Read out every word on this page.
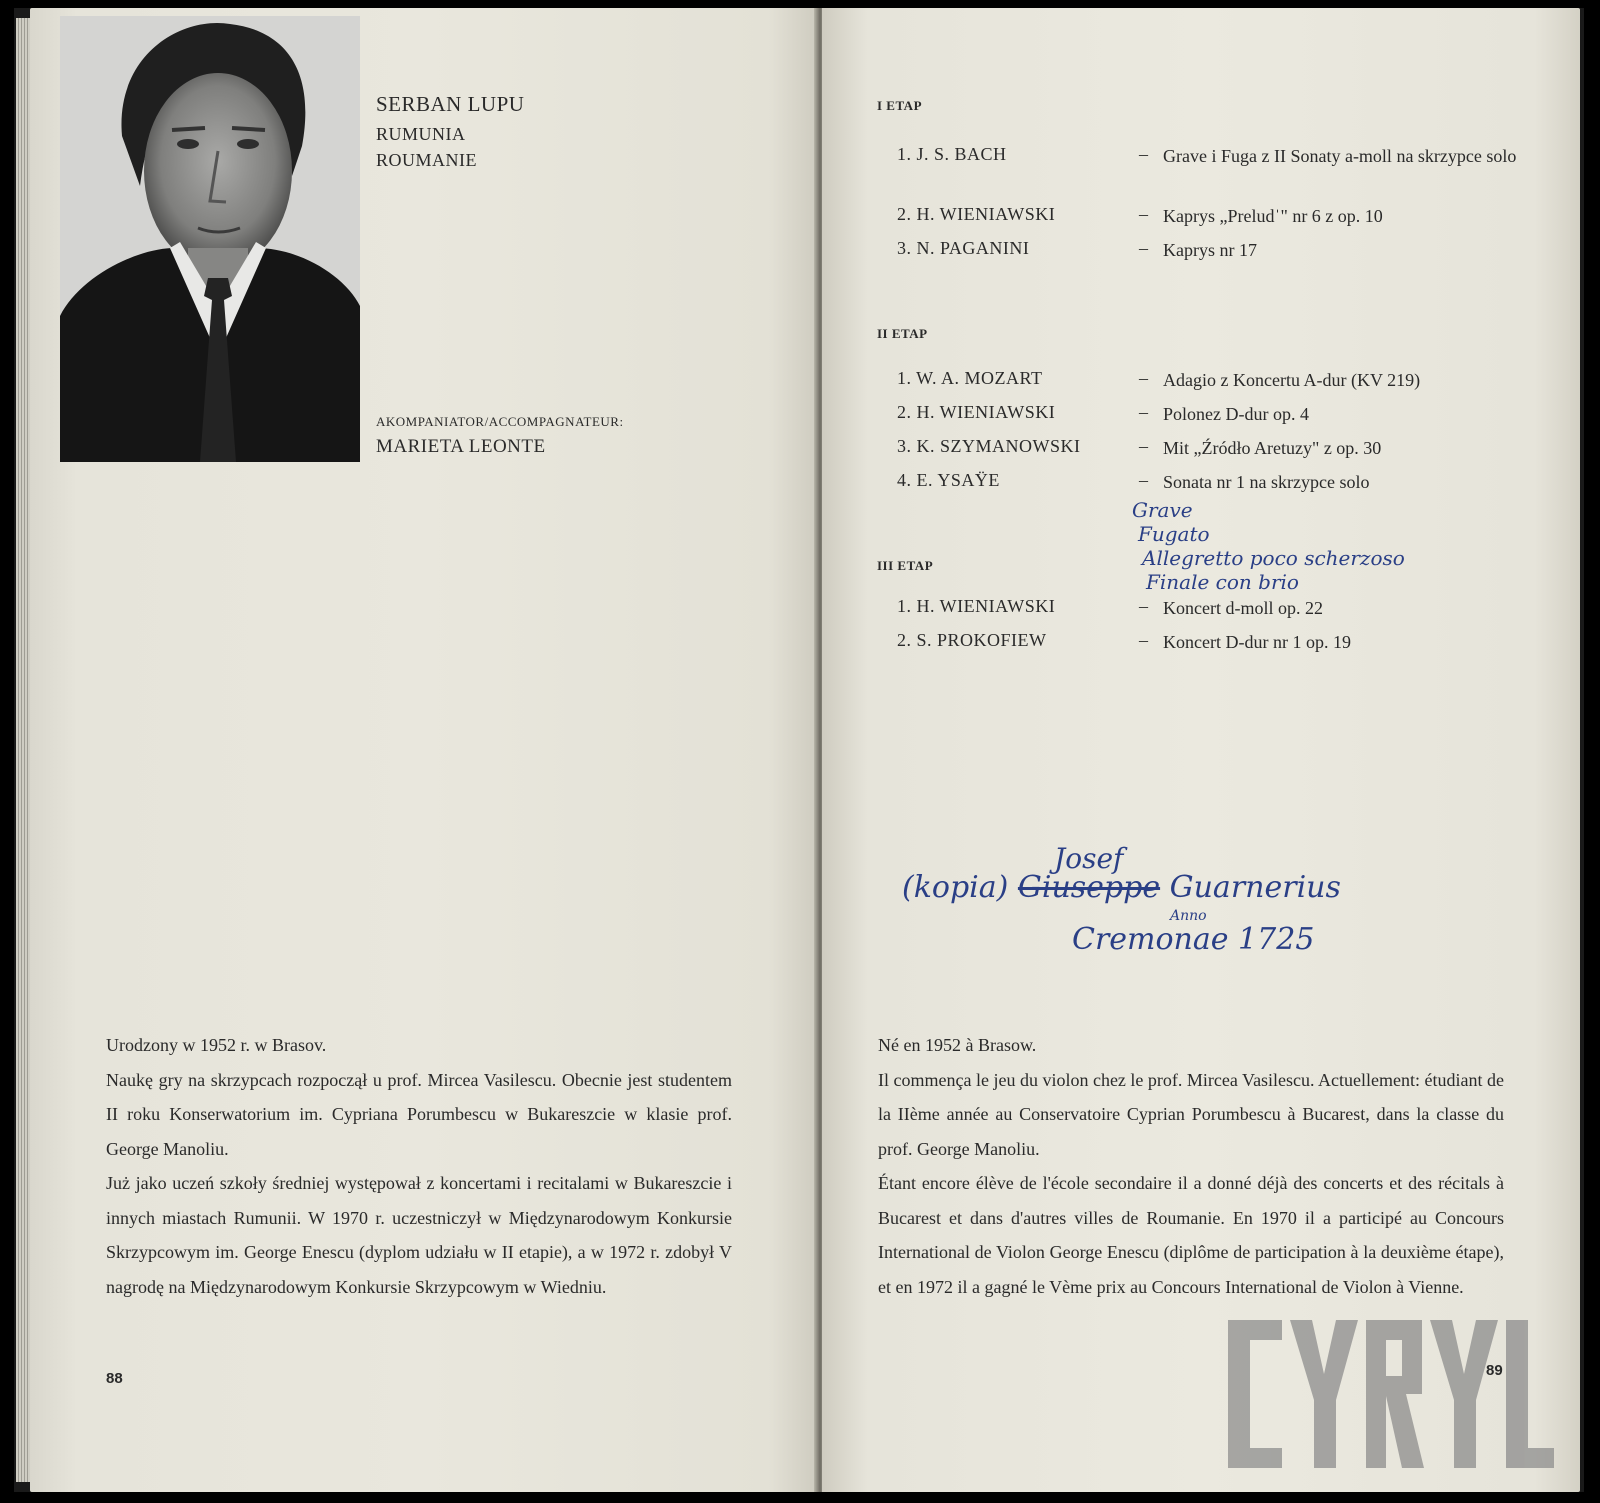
SERBAN LUPU
RUMUNIA
ROUMANIE
AKOMPANIATOR/ACCOMPAGNATEUR:
MARIETA LEONTE

Urodzony w 1952 r. w Brasov.

Naukę gry na skrzypcach rozpoczął u prof. Mircea Vasilescu. Obecnie jest studentem II roku Konserwatorium im. Cypriana Porumbescu w Bukareszcie w klasie prof. George Manoliu.

Już jako uczeń szkoły średniej występował z koncertami i recitalami w Bukareszcie i innych miastach Rumunii. W 1970 r. uczestniczył w Międzynarodowym Konkursie Skrzypcowym im. George Enescu (dyplom udziału w II etapie), a w 1972 r. zdobył V nagrodę na Międzynarodowym Konkursie Skrzypcowym w Wiedniu.

88
I ETAP
1. J. S. BACH	– Grave i Fuga z II Sonaty a-moll na skrzypce solo
2. H. WIENIAWSKI	– Kaprys „Preludˈ" nr 6 z op. 10
3. N. PAGANINI	– Kaprys nr 17
II ETAP
1. W. A. MOZART	– Adagio z Koncertu A-dur (KV 219)
2. H. WIENIAWSKI	– Polonez D-dur op. 4
3. K. SZYMANOWSKI	– Mit „Źródło Aretuzy" z op. 30
4. E. YSAŸE	– Sonata nr 1 na skrzypce solo
Grave
Fugato
Allegretto poco scherzoso
Finale con brio
III ETAP
1. H. WIENIAWSKI	– Koncert d-moll op. 22
2. S. PROKOFIEW	– Koncert D-dur nr 1 op. 19
Josef
(kopia) Giuseppe Guarnerius
Anno
Cremonae 1725

Né en 1952 à Brasow.

Il commença le jeu du violon chez le prof. Mircea Vasilescu. Actuellement: étudiant de la IIème année au Conservatoire Cyprian Porumbescu à Bucarest, dans la classe du prof. George Manoliu.

Étant encore élève de l'école secondaire il a donné déjà des concerts et des récitals à Bucarest et dans d'autres villes de Roumanie. En 1970 il a participé au Concours International de Violon George Enescu (diplôme de participation à la deuxième étape), et en 1972 il a gagné le Vème prix au Concours International de Violon à Vienne.

89
